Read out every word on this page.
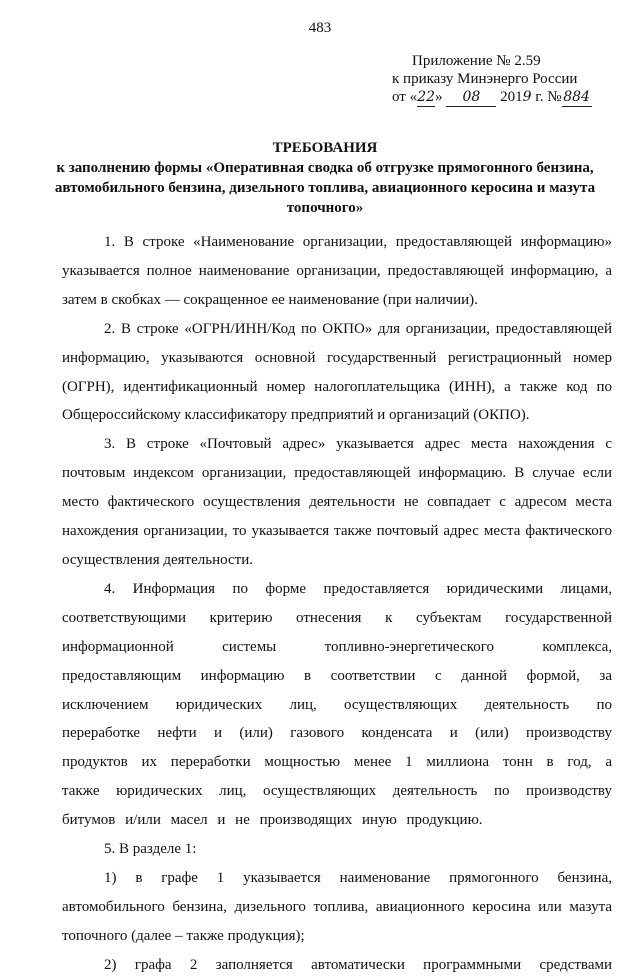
483
Приложение № 2.59
к приказу Минэнерго России
от «22» 08 2019 г. № 884
ТРЕБОВАНИЯ
к заполнению формы «Оперативная сводка об отгрузке прямогонного бензина, автомобильного бензина, дизельного топлива, авиационного керосина и мазута топочного»

1. В строке «Наименование организации, предоставляющей информацию» указывается полное наименование организации, предоставляющей информацию, а затем в скобках — сокращенное ее наименование (при наличии).

2. В строке «ОГРН/ИНН/Код по ОКПО» для организации, предоставляющей информацию, указываются основной государственный регистрационный номер (ОГРН), идентификационный номер налогоплательщика (ИНН), а также код по Общероссийскому классификатору предприятий и организаций (ОКПО).

3. В строке «Почтовый адрес» указывается адрес места нахождения с почтовым индексом организации, предоставляющей информацию. В случае если место фактического осуществления деятельности не совпадает с адресом места нахождения организации, то указывается также почтовый адрес места фактического осуществления деятельности.

4. Информация по форме предоставляется юридическими лицами, соответствующими критерию отнесения к субъектам государственной информационной системы топливно-энергетического комплекса, предоставляющим информацию в соответствии с данной формой, за исключением юридических лиц, осуществляющих деятельность по переработке нефти и (или) газового конденсата и (или) производству продуктов их переработки мощностью менее 1 миллиона тонн в год, а также юридических лиц, осуществляющих деятельность по производству битумов и/или масел и не производящих иную продукцию.

5. В разделе 1:

1) в графе 1 указывается наименование прямогонного бензина, автомобильного бензина, дизельного топлива, авиационного керосина или мазута топочного (далее – также продукция);

2) графа 2 заполняется автоматически программными средствами
